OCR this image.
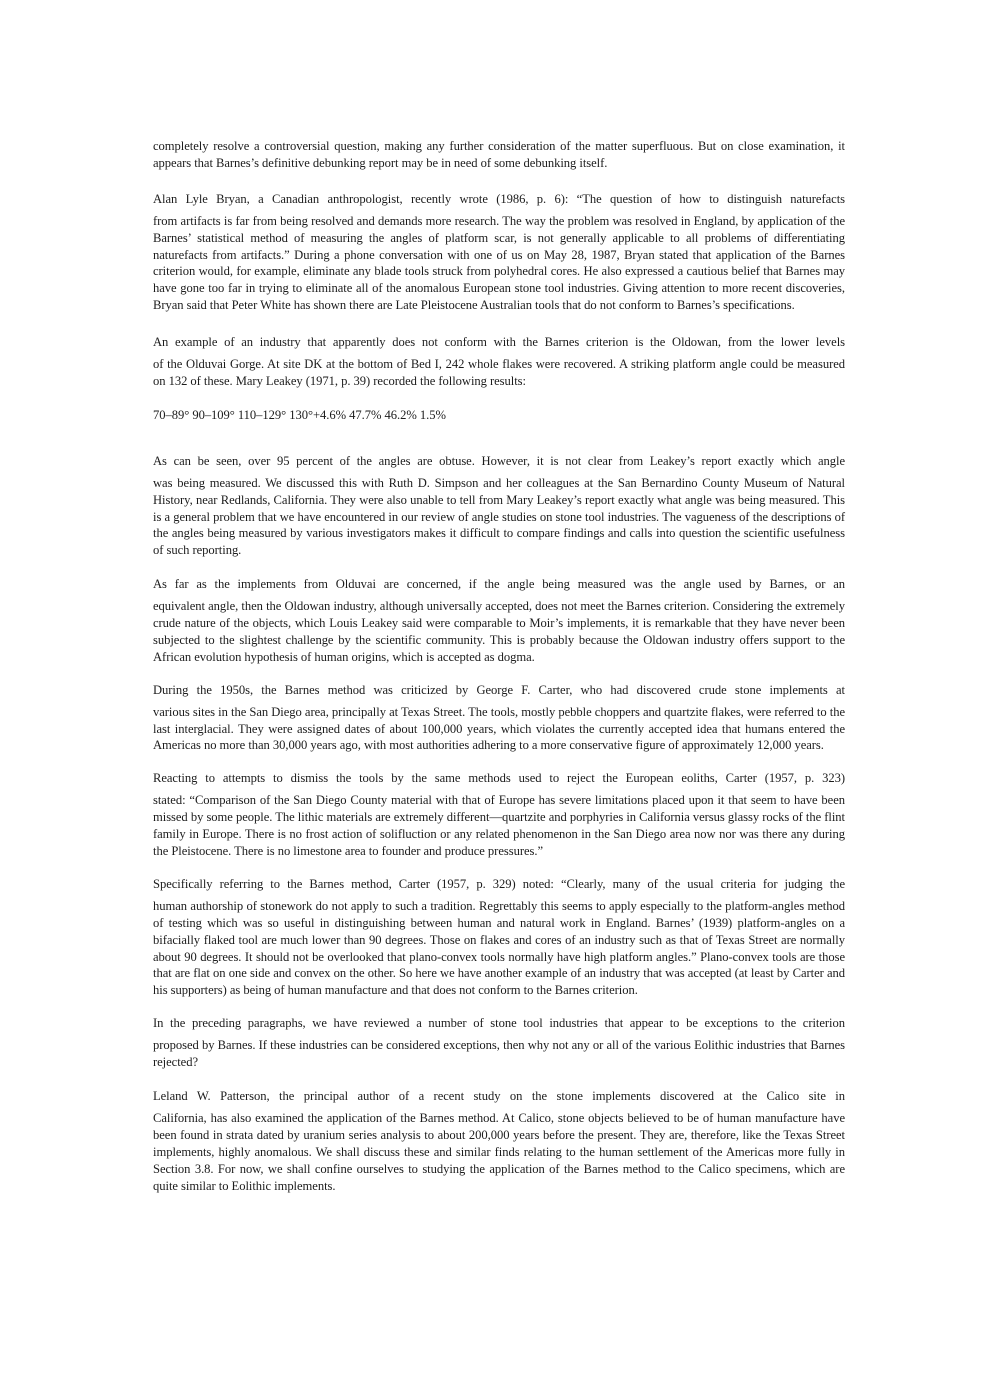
completely resolve a controversial question, making any further consideration of the matter superfluous. But on close examination, it appears that Barnes’s definitive debunking report may be in need of some debunking itself.

Alan Lyle Bryan, a Canadian anthropologist, recently wrote (1986, p. 6): “The question of how to distinguish naturefacts
from artifacts is far from being resolved and demands more research. The way the problem was resolved in England, by application of the Barnes’ statistical method of measuring the angles of platform scar, is not generally applicable to all problems of differentiating naturefacts from artifacts.” During a phone conversation with one of us on May 28, 1987, Bryan stated that application of the Barnes criterion would, for example, eliminate any blade tools struck from polyhedral cores. He also expressed a cautious belief that Barnes may have gone too far in trying to eliminate all of the anomalous European stone tool industries. Giving attention to more recent discoveries, Bryan said that Peter White has shown there are Late Pleistocene Australian tools that do not conform to Barnes’s specifications.

An example of an industry that apparently does not conform with the Barnes criterion is the Oldowan, from the lower levels
of the Olduvai Gorge. At site DK at the bottom of Bed I, 242 whole flakes were recovered. A striking platform angle could be measured on 132 of these. Mary Leakey (1971, p. 39) recorded the following results:

70–89° 90–109° 110–129° 130°+4.6% 47.7% 46.2% 1.5%

As can be seen, over 95 percent of the angles are obtuse. However, it is not clear from Leakey’s report exactly which angle
was being measured. We discussed this with Ruth D. Simpson and her colleagues at the San Bernardino County Museum of Natural History, near Redlands, California. They were also unable to tell from Mary Leakey’s report exactly what angle was being measured. This is a general problem that we have encountered in our review of angle studies on stone tool industries. The vagueness of the descriptions of the angles being measured by various investigators makes it difficult to compare findings and calls into question the scientific usefulness of such reporting.

As far as the implements from Olduvai are concerned, if the angle being measured was the angle used by Barnes, or an
equivalent angle, then the Oldowan industry, although universally accepted, does not meet the Barnes criterion. Considering the extremely crude nature of the objects, which Louis Leakey said were comparable to Moir’s implements, it is remarkable that they have never been subjected to the slightest challenge by the scientific community. This is probably because the Oldowan industry offers support to the African evolution hypothesis of human origins, which is accepted as dogma.

During the 1950s, the Barnes method was criticized by George F. Carter, who had discovered crude stone implements at
various sites in the San Diego area, principally at Texas Street. The tools, mostly pebble choppers and quartzite flakes, were referred to the last interglacial. They were assigned dates of about 100,000 years, which violates the currently accepted idea that humans entered the Americas no more than 30,000 years ago, with most authorities adhering to a more conservative figure of approximately 12,000 years.

Reacting to attempts to dismiss the tools by the same methods used to reject the European eoliths, Carter (1957, p. 323)
stated: “Comparison of the San Diego County material with that of Europe has severe limitations placed upon it that seem to have been missed by some people. The lithic materials are extremely different—quartzite and porphyries in California versus glassy rocks of the flint family in Europe. There is no frost action of solifluction or any related phenomenon in the San Diego area now nor was there any during the Pleistocene. There is no limestone area to founder and produce pressures.”

Specifically referring to the Barnes method, Carter (1957, p. 329) noted: “Clearly, many of the usual criteria for judging the
human authorship of stonework do not apply to such a tradition. Regrettably this seems to apply especially to the platform-angles method of testing which was so useful in distinguishing between human and natural work in England. Barnes’ (1939) platform-angles on a bifacially flaked tool are much lower than 90 degrees. Those on flakes and cores of an industry such as that of Texas Street are normally about 90 degrees. It should not be overlooked that plano-convex tools normally have high platform angles.” Plano-convex tools are those that are flat on one side and convex on the other. So here we have another example of an industry that was accepted (at least by Carter and his supporters) as being of human manufacture and that does not conform to the Barnes criterion.

In the preceding paragraphs, we have reviewed a number of stone tool industries that appear to be exceptions to the criterion
proposed by Barnes. If these industries can be considered exceptions, then why not any or all of the various Eolithic industries that Barnes rejected?

Leland W. Patterson, the principal author of a recent study on the stone implements discovered at the Calico site in
California, has also examined the application of the Barnes method. At Calico, stone objects believed to be of human manufacture have been found in strata dated by uranium series analysis to about 200,000 years before the present. They are, therefore, like the Texas Street implements, highly anomalous. We shall discuss these and similar finds relating to the human settlement of the Americas more fully in Section 3.8. For now, we shall confine ourselves to studying the application of the Barnes method to the Calico specimens, which are quite similar to Eolithic implements.
